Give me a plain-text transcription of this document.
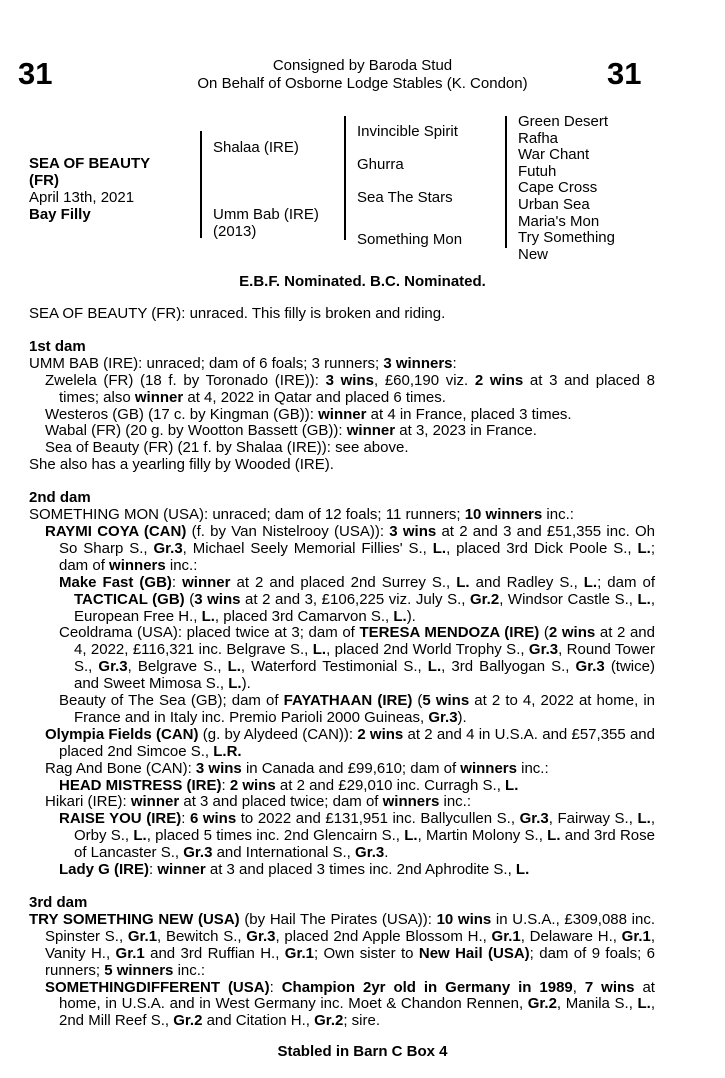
31	31
Consigned by Baroda Stud
On Behalf of Osborne Lodge Stables (K. Condon)
SEA OF BEAUTY
(FR)
April 13th, 2021
Bay Filly
Shalaa (IRE)
Umm Bab (IRE)
(2013)
Invincible Spirit
Ghurra
Sea The Stars
Something Mon
Green Desert
Rafha
War Chant
Futuh
Cape Cross
Urban Sea
Maria's Mon
Try Something
New
E.B.F. Nominated. B.C. Nominated.

SEA OF BEAUTY (FR): unraced. This filly is broken and riding.

1st dam

UMM BAB (IRE): unraced; dam of 6 foals; 3 runners; 3 winners:

Zwelela (FR) (18 f. by Toronado (IRE)): 3 wins, £60,190 viz. 2 wins at 3 and placed 8 times; also winner at 4, 2022 in Qatar and placed 6 times.

Westeros (GB) (17 c. by Kingman (GB)): winner at 4 in France, placed 3 times.

Wabal (FR) (20 g. by Wootton Bassett (GB)): winner at 3, 2023 in France.

Sea of Beauty (FR) (21 f. by Shalaa (IRE)): see above.

She also has a yearling filly by Wooded (IRE).

2nd dam

SOMETHING MON (USA): unraced; dam of 12 foals; 11 runners; 10 winners inc.:

RAYMI COYA (CAN) (f. by Van Nistelrooy (USA)): 3 wins at 2 and 3 and £51,355 inc. Oh So Sharp S., Gr.3, Michael Seely Memorial Fillies' S., L., placed 3rd Dick Poole S., L.; dam of winners inc.:

Make Fast (GB): winner at 2 and placed 2nd Surrey S., L. and Radley S., L.; dam of TACTICAL (GB) (3 wins at 2 and 3, £106,225 viz. July S., Gr.2, Windsor Castle S., L., European Free H., L., placed 3rd Camarvon S., L.).

Ceoldrama (USA): placed twice at 3; dam of TERESA MENDOZA (IRE) (2 wins at 2 and 4, 2022, £116,321 inc. Belgrave S., L., placed 2nd World Trophy S., Gr.3, Round Tower S., Gr.3, Belgrave S., L., Waterford Testimonial S., L., 3rd Ballyogan S., Gr.3 (twice) and Sweet Mimosa S., L.).

Beauty of The Sea (GB); dam of FAYATHAAN (IRE) (5 wins at 2 to 4, 2022 at home, in France and in Italy inc. Premio Parioli 2000 Guineas, Gr.3).

Olympia Fields (CAN) (g. by Alydeed (CAN)): 2 wins at 2 and 4 in U.S.A. and £57,355 and placed 2nd Simcoe S., L.R.

Rag And Bone (CAN): 3 wins in Canada and £99,610; dam of winners inc.:

HEAD MISTRESS (IRE): 2 wins at 2 and £29,010 inc. Curragh S., L.

Hikari (IRE): winner at 3 and placed twice; dam of winners inc.:

RAISE YOU (IRE): 6 wins to 2022 and £131,951 inc. Ballycullen S., Gr.3, Fairway S., L., Orby S., L., placed 5 times inc. 2nd Glencairn S., L., Martin Molony S., L. and 3rd Rose of Lancaster S., Gr.3 and International S., Gr.3.

Lady G (IRE): winner at 3 and placed 3 times inc. 2nd Aphrodite S., L.

3rd dam

TRY SOMETHING NEW (USA) (by Hail The Pirates (USA)): 10 wins in U.S.A., £309,088 inc. Spinster S., Gr.1, Bewitch S., Gr.3, placed 2nd Apple Blossom H., Gr.1, Delaware H., Gr.1, Vanity H., Gr.1 and 3rd Ruffian H., Gr.1; Own sister to New Hail (USA); dam of 9 foals; 6 runners; 5 winners inc.:

SOMETHINGDIFFERENT (USA): Champion 2yr old in Germany in 1989, 7 wins at home, in U.S.A. and in West Germany inc. Moet & Chandon Rennen, Gr.2, Manila S., L., 2nd Mill Reef S., Gr.2 and Citation H., Gr.2; sire.

Stabled in Barn C Box 4
